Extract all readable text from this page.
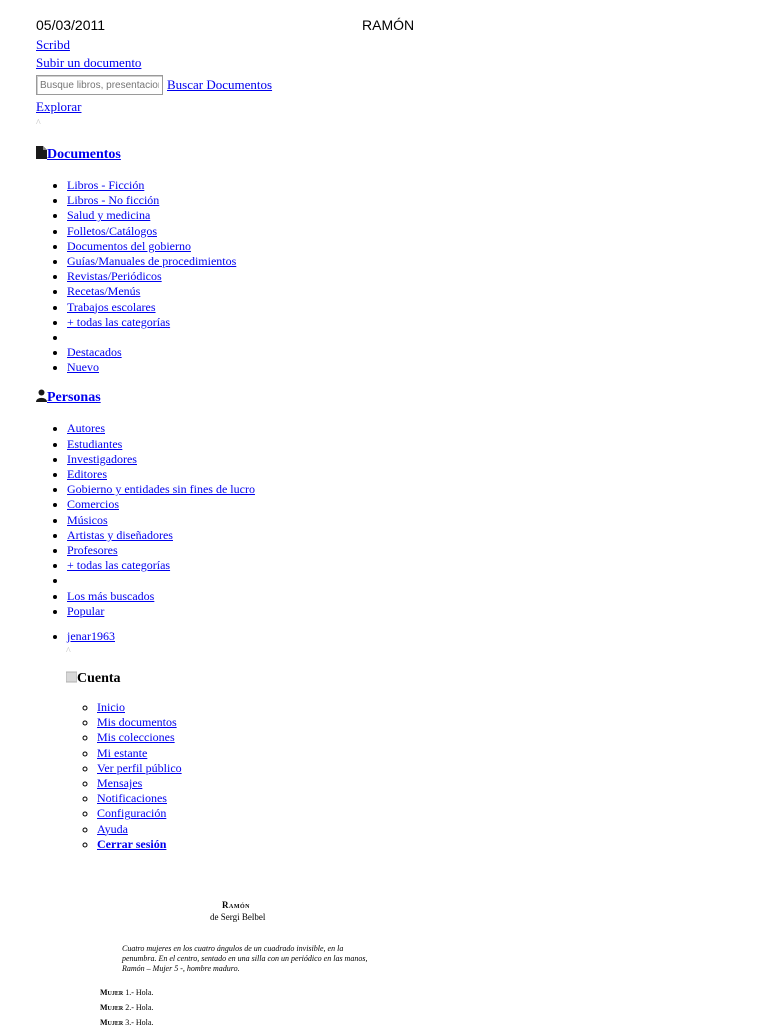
05/03/2011	RAMÓN
Scribd
Subir un documento
Busque libros, presentaciones, informes...
Buscar Documentos
Explorar
^
Documentos
• Libros - Ficción
• Libros - No ficción
• Salud y medicina
• Folletos/Catálogos
• Documentos del gobierno
• Guías/Manuales de procedimientos
• Revistas/Periódicos
• Recetas/Menús
• Trabajos escolares
• + todas las categorías
•
• Destacados
• Nuevo
Personas
• Autores
• Estudiantes
• Investigadores
• Editores
• Gobierno y entidades sin fines de lucro
• Comercios
• Músicos
• Artistas y diseñadores
• Profesores
• + todas las categorías
•
• Los más buscados
• Popular
• jenar1963
^
Cuenta
◦ Inicio
◦ Mis documentos
◦ Mis colecciones
◦ Mi estante
◦ Ver perfil público
◦ Mensajes
◦ Notificaciones
◦ Configuración
◦ Ayuda
◦ Cerrar sesión
Ramón
de Sergi Belbel
Cuatro mujeres en los cuatro ángulos de un cuadrado invisible, en la penumbra. En el centro, sentado en una silla con un periódico en las manos, Ramón – Mujer 5 -, hombre maduro.
Mujer 1.- Hola.
Mujer 2.- Hola.
Mujer 3.- Hola.
